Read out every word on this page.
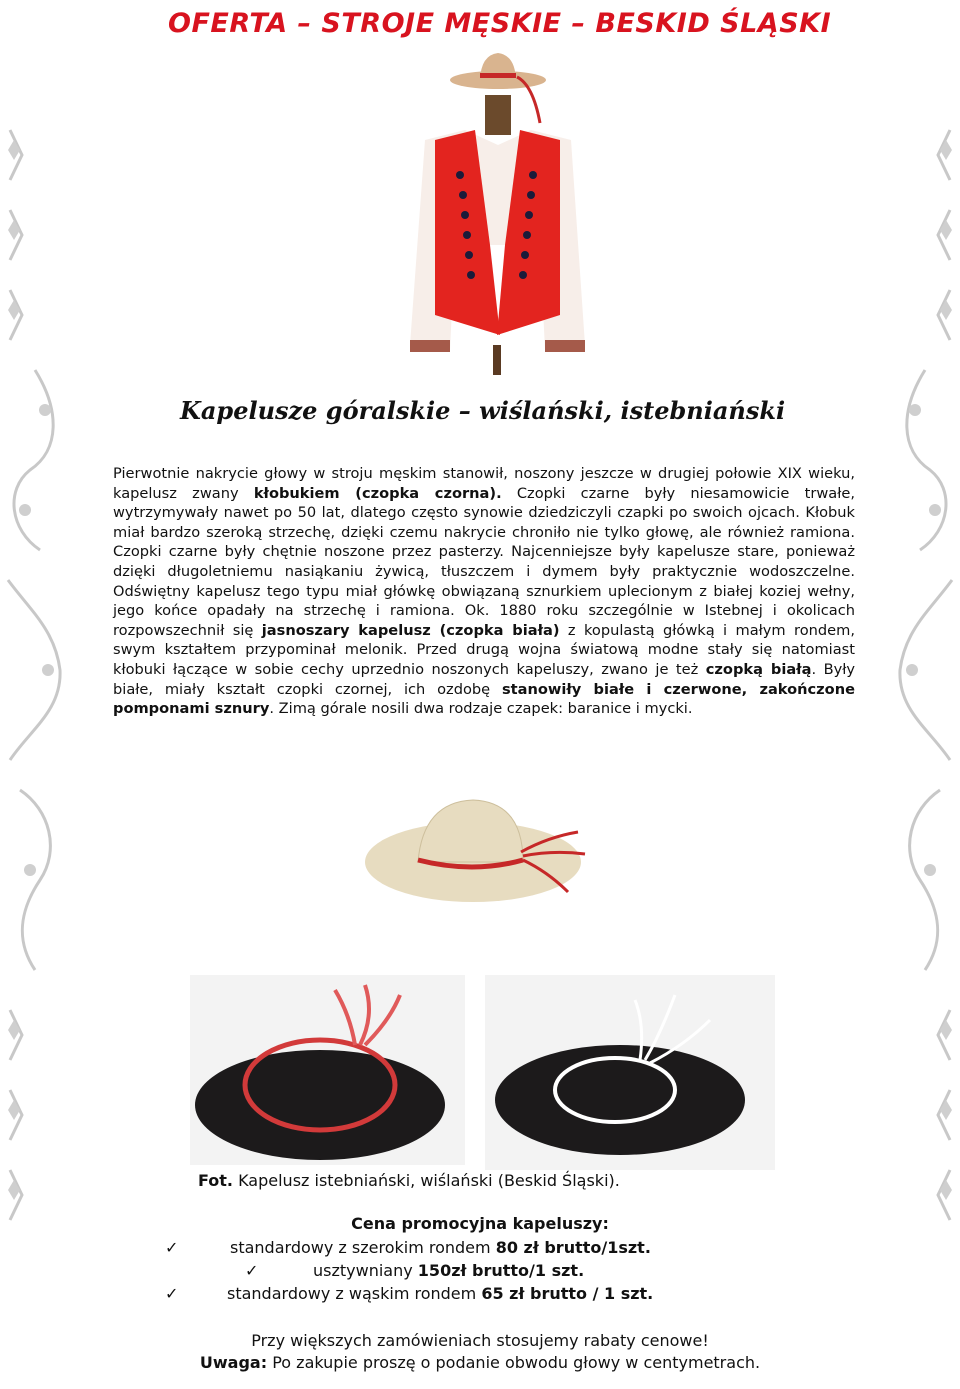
OFERTA – STROJE MĘSKIE – BESKID ŚLĄSKI
Kapelusze góralskie – wiślański, istebniański

Pierwotnie nakrycie głowy w stroju męskim stanowił, noszony jeszcze w drugiej połowie XIX wieku, kapelusz zwany kłobukiem (czopka czorna). Czopki czarne były niesamowicie trwałe, wytrzymywały nawet po 50 lat, dlatego często synowie dziedziczyli czapki po swoich ojcach. Kłobuk miał bardzo szeroką strzechę, dzięki czemu nakrycie chroniło nie tylko głowę, ale również ramiona. Czopki czarne były chętnie noszone przez pasterzy. Najcenniejsze były kapelusze stare, ponieważ dzięki długoletniemu nasiąkaniu żywicą, tłuszczem i dymem były praktycznie wodoszczelne. Odświętny kapelusz tego typu miał główkę obwiązaną sznurkiem uplecionym z białej koziej wełny, jego końce opadały na strzechę i ramiona. Ok. 1880 roku szczególnie w Istebnej i okolicach rozpowszechnił się jasnoszary kapelusz (czopka biała) z kopulastą główką i małym rondem, swym kształtem przypominał melonik. Przed drugą wojna światową modne stały się natomiast kłobuki łączące w sobie cechy uprzednio noszonych kapeluszy, zwano je też czopką białą. Były białe, miały kształt czopki czornej, ich ozdobę stanowiły białe i czerwone, zakończone pomponami sznury. Zimą górale nosili dwa rodzaje czapek: baranice i mycki.

Fot. Kapelusz istebniański, wiślański (Beskid Śląski).
Cena promocyjna kapeluszy:
✓	standardowy z szerokim rondem 80 zł brutto/1szt.
✓	usztywniany 150zł brutto/1 szt.
✓	standardowy z wąskim rondem 65 zł brutto / 1 szt.
Przy większych zamówieniach stosujemy rabaty cenowe!
Uwaga: Po zakupie proszę o podanie obwodu głowy w centymetrach.
